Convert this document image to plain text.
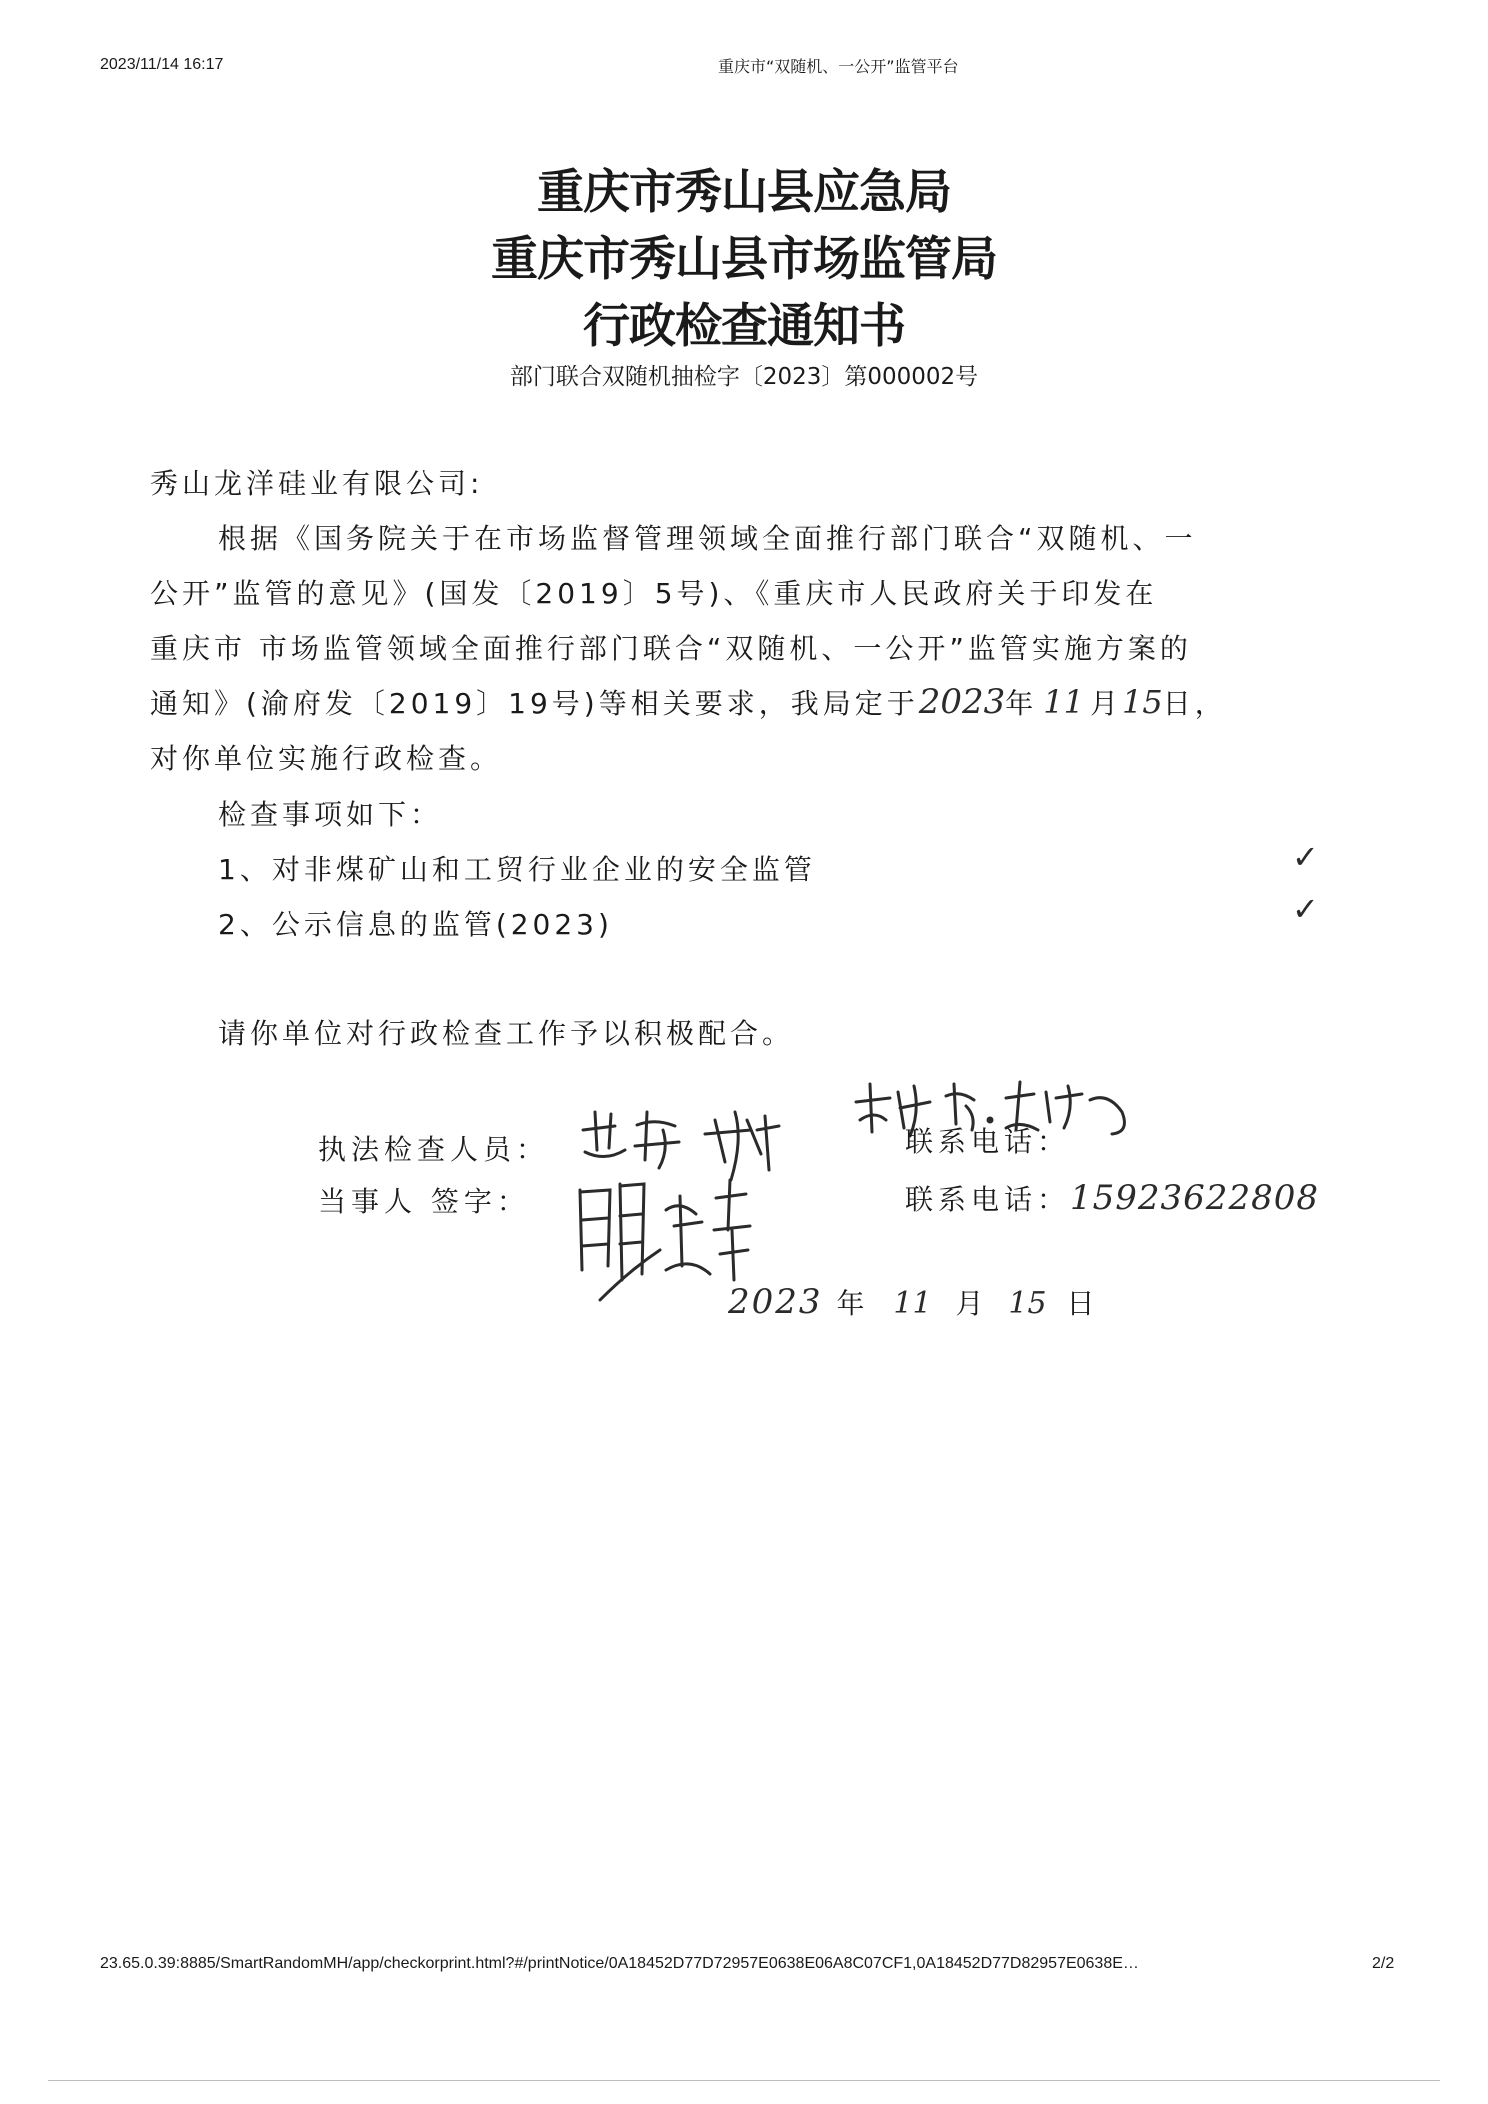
2023/11/14 16:17	重庆市“双随机、一公开”监管平台
重庆市秀山县应急局
重庆市秀山县市场监管局
行政检查通知书
部门联合双随机抽检字〔2023〕第000002号
秀山龙洋硅业有限公司:
根据《国务院关于在市场监督管理领域全面推行部门联合“双随机、一
公开”监管的意见》(国发〔2019〕5号)、《重庆市人民政府关于印发在
重庆市 市场监管领域全面推行部门联合“双随机、一公开”监管实施方案的
通知》(渝府发〔2019〕19号)等相关要求，我局定于2023年 11 月15日，
对你单位实施行政检查。
检查事项如下：
1、对非煤矿山和工贸行业企业的安全监管	✓
2、公示信息的监管(2023)	✓
请你单位对行政检查工作予以积极配合。
执法检查人员：	联系电话：
当事人 签字：	联系电话：15923622808
2023 年 11 月 15 日
23.65.0.39:8885/SmartRandomMH/app/checkorprint.html?#/printNotice/0A18452D77D72957E0638E06A8C07CF1,0A18452D77D82957E0638E…	2/2
